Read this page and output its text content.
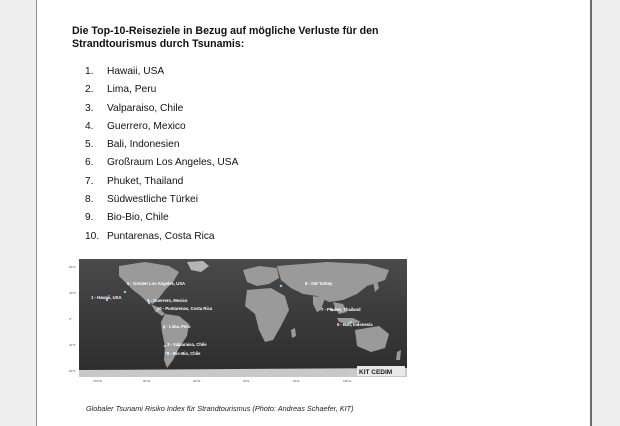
Die Top-10-Reiseziele in Bezug auf mögliche Verluste für den Strandtourismus durch Tsunamis:
1. Hawaii, USA
2. Lima, Peru
3. Valparaiso, Chile
4. Guerrero, Mexico
5. Bali, Indonesien
6. Großraum Los Angeles, USA
7. Phuket, Thailand
8. Südwestliche Türkei
9. Bio-Bio, Chile
10. Puntarenas, Costa Rica
80°N
40°N
0°
40°S
80°S
6 - Greater Los Angeles, USA
1 - Hawaii, USA
4 - Guerrero, Mexico
10 - Puntarenas, Costa Rica
2 - Lima, Peru
3 - Valparaiso, Chile
9 - Bio-Bio, Chile
8 - SW Turkey
7 - Phuket, Thailand
5 - Bali, Indonesia
KIT CEDIM
150°W	90°W	30°W	30°E	90°E	150°E

Globaler Tsunami Risiko Index für Strandtourismus (Photo: Andreas Schaefer, KIT)
